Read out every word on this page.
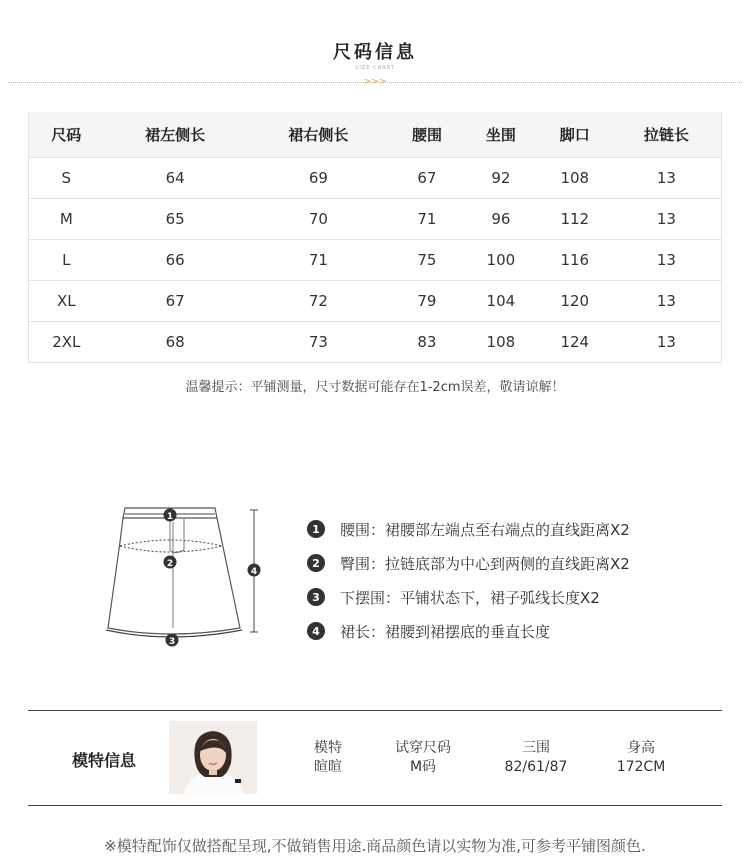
尺码信息
SIZE CHART
>>>
尺码	裙左侧长	裙右侧长	腰围	坐围	脚口	拉链长
S	64	69	67	92	108	13
M	65	70	71	96	112	13
L	66	71	75	100	116	13
XL	67	72	79	104	120	13
2XL	68	73	83	108	124	13
温馨提示：平铺测量，尺寸数据可能存在1-2cm误差，敬请谅解！
1
2
3
4
1	腰围：裙腰部左端点至右端点的直线距离X2
2	臀围：拉链底部为中心到两侧的直线距离X2
3	下摆围：平铺状态下，裙子弧线长度X2
4	裙长：裙腰到裙摆底的垂直长度
模特信息
模特
暄暄
试穿尺码
M码
三围
82/61/87
身高
172CM
※模特配饰仅做搭配呈现,不做销售用途.商品颜色请以实物为准,可参考平铺图颜色.
